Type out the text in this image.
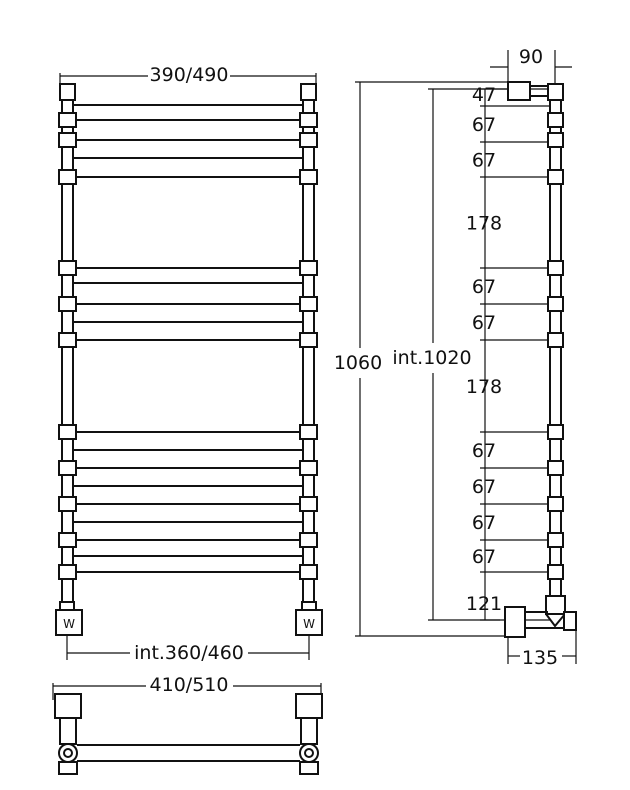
390/490
W	W
int.360/460
410/510
90
1060 int.1020
47
67
67
178
67
67
178
67
67
67
67
121
135
